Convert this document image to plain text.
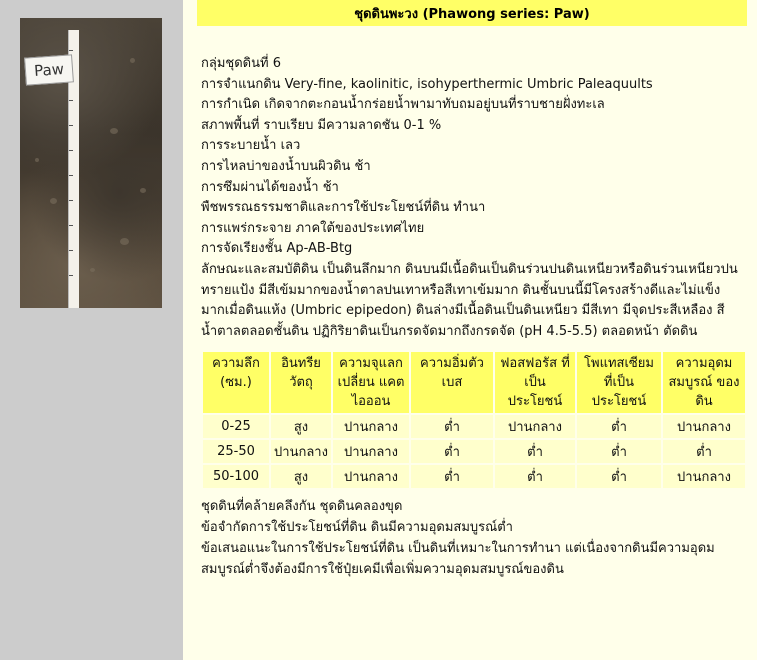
Paw
ชุดดินพะวง (Phawong series: Paw)
กลุ่มชุดดินที่ 6
การจำแนกดิน Very-fine, kaolinitic, isohyperthermic Umbric Paleaquults
การกำเนิด เกิดจากตะกอนน้ำกร่อยน้ำพามาทับถมอยู่บนที่ราบชายฝั่งทะเล
สภาพพื้นที่ ราบเรียบ มีความลาดชัน 0-1 %
การระบายน้ำ เลว
การไหลบ่าของน้ำบนผิวดิน ช้า
การซึมผ่านได้ของน้ำ ช้า
พืชพรรณธรรมชาติและการใช้ประโยชน์ที่ดิน ทำนา
การแพร่กระจาย ภาคใต้ของประเทศไทย
การจัดเรียงชั้น Ap-AB-Btg
ลักษณะและสมบัติดิน เป็นดินลึกมาก ดินบนมีเนื้อดินเป็นดินร่วนปนดินเหนียวหรือดินร่วนเหนียวปนทรายแป้ง มีสีเข้มมากของน้ำตาลปนเทาหรือสีเทาเข้มมาก ดินชั้นบนนี้มีโครงสร้างดีและไม่แข็งมากเมื่อดินแห้ง (Umbric epipedon) ดินล่างมีเนื้อดินเป็นดินเหนียว มีสีเทา มีจุดประสีเหลือง สีน้ำตาลตลอดชั้นดิน ปฏิกิริยาดินเป็นกรดจัดมากถึงกรดจัด (pH 4.5-5.5) ตลอดหน้า ตัดดิน
ความลึก (ซม.)	อินทรีย วัตถุ	ความจุแลกเปลี่ยน แคตไอออน	ความอิ่มตัว เบส	ฟอสฟอรัส ที่เป็น ประโยชน์	โพแทสเซียม ที่เป็นประโยชน์	ความอุดม สมบูรณ์ ของดิน
0-25	สูง	ปานกลาง	ต่ำ	ปานกลาง	ต่ำ	ปานกลาง
25-50	ปานกลาง	ปานกลาง	ต่ำ	ต่ำ	ต่ำ	ต่ำ
50-100	สูง	ปานกลาง	ต่ำ	ต่ำ	ต่ำ	ปานกลาง
ชุดดินที่คล้ายคลึงกัน ชุดดินคลองขุด
ข้อจำกัดการใช้ประโยชน์ที่ดิน ดินมีความอุดมสมบูรณ์ต่ำ
ข้อเสนอแนะในการใช้ประโยชน์ที่ดิน เป็นดินที่เหมาะในการทำนา แต่เนื่องจากดินมีความอุดมสมบูรณ์ต่ำจึงต้องมีการใช้ปุ๋ยเคมีเพื่อเพิ่มความอุดมสมบูรณ์ของดิน
